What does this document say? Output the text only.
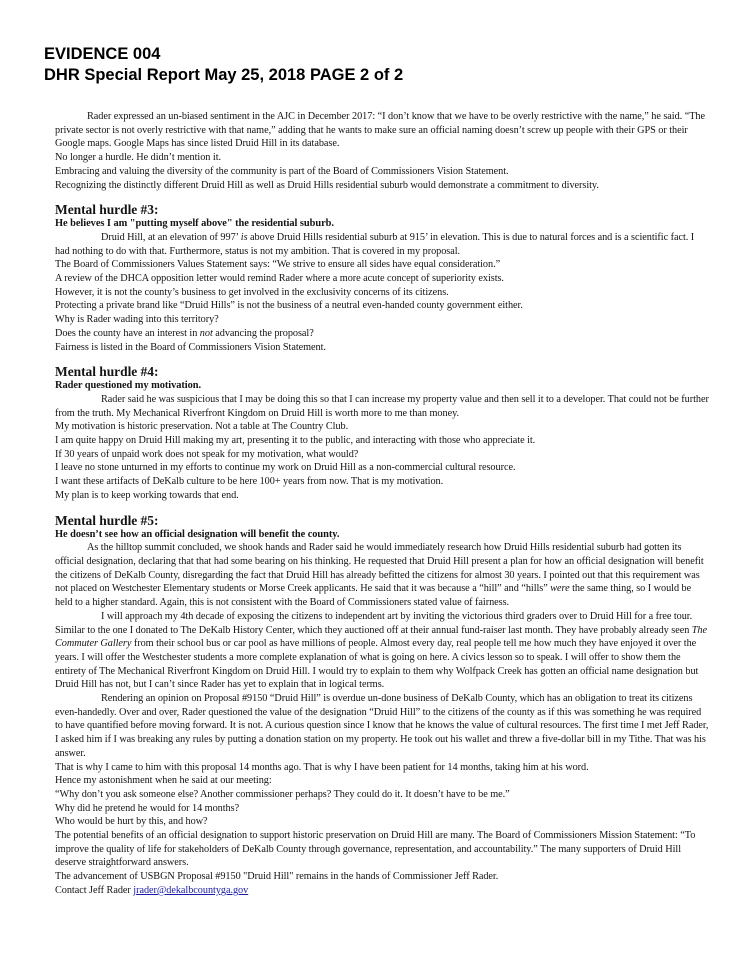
EVIDENCE 004
DHR Special Report May 25, 2018 PAGE 2 of 2

Rader expressed an un-biased sentiment in the AJC in December 2017: “I don’t know that we have to be overly restrictive with the name,” he said. “The private sector is not overly restrictive with that name,” adding that he wants to make sure an official naming doesn’t screw up people with their GPS or their Google maps. Google Maps has since listed Druid Hill in its database.

No longer a hurdle. He didn’t mention it.

Embracing and valuing the diversity of the community is part of the Board of Commissioners Vision Statement.

Recognizing the distinctly different Druid Hill as well as Druid Hills residential suburb would demonstrate a commitment to diversity.

Mental hurdle #3:

He believes I am "putting myself above" the residential suburb.

Druid Hill, at an elevation of 997’ is above Druid Hills residential suburb at 915’ in elevation. This is due to natural forces and is a scientific fact. I had nothing to do with that. Furthermore, status is not my ambition. That is covered in my proposal.

The Board of Commissioners Values Statement says: “We strive to ensure all sides have equal consideration.”

A review of the DHCA opposition letter would remind Rader where a more acute concept of superiority exists.

However, it is not the county’s business to get involved in the exclusivity concerns of its citizens.

Protecting a private brand like “Druid Hills” is not the business of a neutral even-handed county government either.

Why is Rader wading into this territory?

Does the county have an interest in not advancing the proposal?

Fairness is listed in the Board of Commissioners Vision Statement.

Mental hurdle #4:

Rader questioned my motivation.

Rader said he was suspicious that I may be doing this so that I can increase my property value and then sell it to a developer. That could not be further from the truth. My Mechanical Riverfront Kingdom on Druid Hill is worth more to me than money.

My motivation is historic preservation. Not a table at The Country Club.

I am quite happy on Druid Hill making my art, presenting it to the public, and interacting with those who appreciate it.

If 30 years of unpaid work does not speak for my motivation, what would?

I leave no stone unturned in my efforts to continue my work on Druid Hill as a non-commercial cultural resource.

I want these artifacts of DeKalb culture to be here 100+ years from now. That is my motivation.

My plan is to keep working towards that end.

Mental hurdle #5:

He doesn’t see how an official designation will benefit the county.

As the hilltop summit concluded, we shook hands and Rader said he would immediately research how Druid Hills residential suburb had gotten its official designation, declaring that that had some bearing on his thinking. He requested that Druid Hill present a plan for how an official designation will benefit the citizens of DeKalb County, disregarding the fact that Druid Hill has already befitted the citizens for almost 30 years. I pointed out that this requirement was not placed on Westchester Elementary students or Morse Creek applicants. He said that it was because a “hill” and “hills” were the same thing, so I would be held to a higher standard. Again, this is not consistent with the Board of Commissioners stated value of fairness.

I will approach my 4th decade of exposing the citizens to independent art by inviting the victorious third graders over to Druid Hill for a free tour. Similar to the one I donated to The DeKalb History Center, which they auctioned off at their annual fund-raiser last month. They have probably already seen The Commuter Gallery from their school bus or car pool as have millions of people. Almost every day, real people tell me how much they have enjoyed it over the years. I will offer the Westchester students a more complete explanation of what is going on here. A civics lesson so to speak. I will offer to show them the entirety of The Mechanical Riverfront Kingdom on Druid Hill. I would try to explain to them why Wolfpack Creek has gotten an official name designation but Druid Hill has not, but I can’t since Rader has yet to explain that in logical terms.

Rendering an opinion on Proposal #9150 “Druid Hill” is overdue un-done business of DeKalb County, which has an obligation to treat its citizens even-handedly. Over and over, Rader questioned the value of the designation “Druid Hill” to the citizens of the county as if this was something he was required to have quantified before moving forward. It is not. A curious question since I know that he knows the value of cultural resources. The first time I met Jeff Rader, I asked him if I was breaking any rules by putting a donation station on my property. He took out his wallet and threw a five-dollar bill in my Tithe. That was his answer.

That is why I came to him with this proposal 14 months ago. That is why I have been patient for 14 months, taking him at his word.

Hence my astonishment when he said at our meeting:

“Why don’t you ask someone else? Another commissioner perhaps? They could do it. It doesn’t have to be me.”

Why did he pretend he would for 14 months?

Who would be hurt by this, and how?

The potential benefits of an official designation to support historic preservation on Druid Hill are many. The Board of Commissioners Mission Statement: “To improve the quality of life for stakeholders of DeKalb County through governance, representation, and accountability.” The many supporters of Druid Hill deserve straightforward answers.

The advancement of USBGN Proposal #9150 "Druid Hill" remains in the hands of Commissioner Jeff Rader.

Contact Jeff Rader jrader@dekalbcountyga.gov
